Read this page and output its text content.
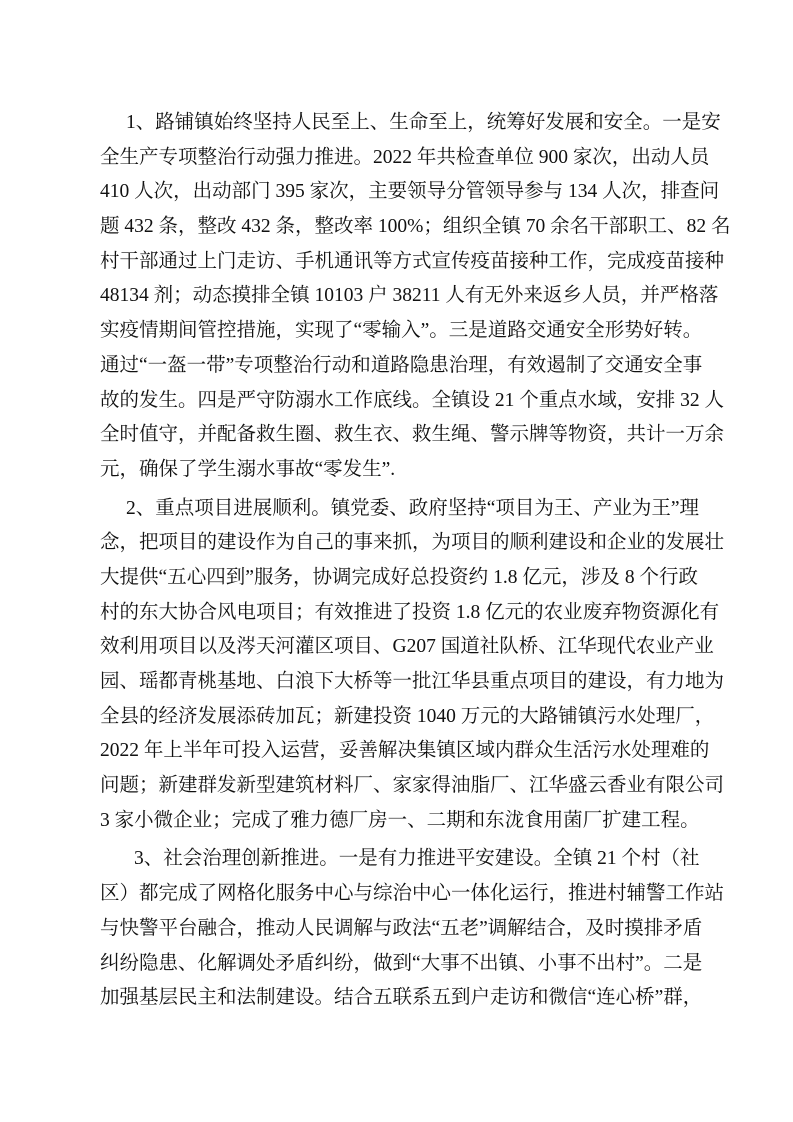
1、路铺镇始终坚持人民至上、生命至上，统筹好发展和安全。一是安
全生产专项整治行动强力推进。2022 年共检查单位 900 家次，出动人员
410 人次，出动部门 395 家次，主要领导分管领导参与 134 人次，排查问
题 432 条，整改 432 条，整改率 100%；组织全镇 70 余名干部职工、82 名
村干部通过上门走访、手机通讯等方式宣传疫苗接种工作，完成疫苗接种
48134 剂；动态摸排全镇 10103 户 38211 人有无外来返乡人员，并严格落
实疫情期间管控措施，实现了“零输入”。三是道路交通安全形势好转。
通过“一盔一带”专项整治行动和道路隐患治理，有效遏制了交通安全事
故的发生。四是严守防溺水工作底线。全镇设 21 个重点水域，安排 32 人
全时值守，并配备救生圈、救生衣、救生绳、警示牌等物资，共计一万余
元，确保了学生溺水事故“零发生”.
2、重点项目进展顺利。镇党委、政府坚持“项目为王、产业为王”理
念，把项目的建设作为自己的事来抓，为项目的顺利建设和企业的发展壮
大提供“五心四到”服务，协调完成好总投资约 1.8 亿元，涉及 8 个行政
村的东大协合风电项目；有效推进了投资 1.8 亿元的农业废弃物资源化有
效利用项目以及涔天河灌区项目、G207 国道社队桥、江华现代农业产业
园、瑶都青桃基地、白浪下大桥等一批江华县重点项目的建设，有力地为
全县的经济发展添砖加瓦；新建投资 1040 万元的大路铺镇污水处理厂，
2022 年上半年可投入运营，妥善解决集镇区域内群众生活污水处理难的
问题；新建群发新型建筑材料厂、家家得油脂厂、江华盛云香业有限公司
3 家小微企业；完成了雅力德厂房一、二期和东泷食用菌厂扩建工程。
3、社会治理创新推进。一是有力推进平安建设。全镇 21 个村（社
区）都完成了网格化服务中心与综治中心一体化运行，推进村辅警工作站
与快警平台融合，推动人民调解与政法“五老”调解结合，及时摸排矛盾
纠纷隐患、化解调处矛盾纠纷，做到“大事不出镇、小事不出村”。二是
加强基层民主和法制建设。结合五联系五到户走访和微信“连心桥”群，
